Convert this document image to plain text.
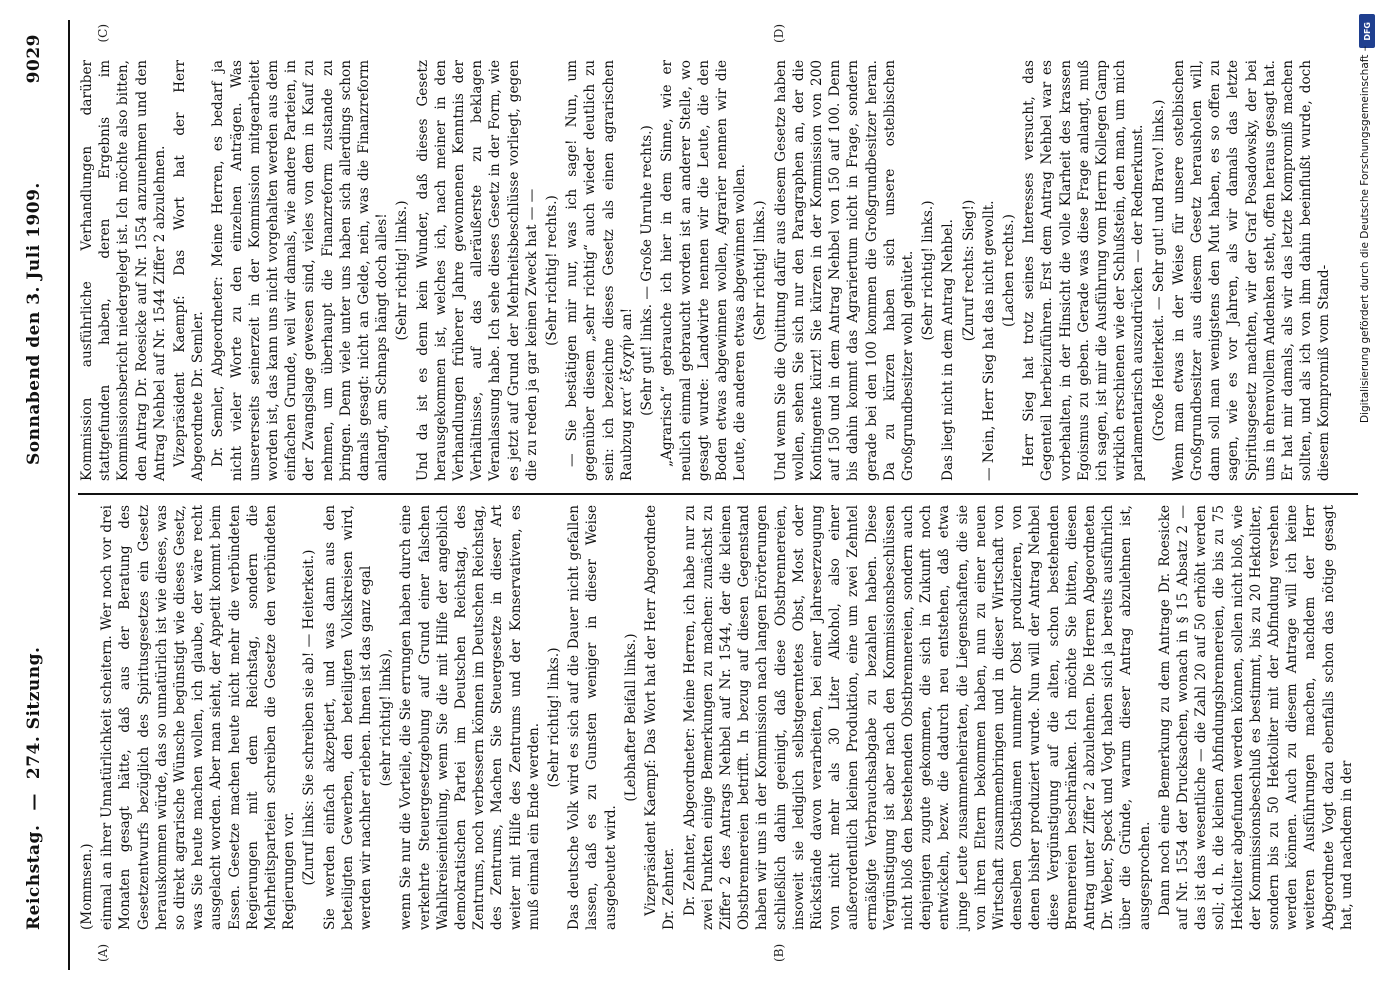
Reichstag.
—
274. Sitzung.
Sonnabend den 3. Juli 1909.
9029
(A)	(B)

(Mommsen.) einmal an ihrer Unnatürlichkeit scheitern. Wer noch vor drei Monaten gesagt hätte, daß aus der Beratung des Gesetzentwurfs bezüglich des Spiritusgesetzes ein Gesetz herauskommen würde, das so unnatürlich ist wie dieses, was so direkt agrarische Wünsche begünstigt wie dieses Gesetz, was Sie heute machen wollen, ich glaube, der wäre recht ausgelacht worden. Aber man sieht, der Appetit kommt beim Essen. Gesetze machen heute nicht mehr die verbündeten Regierungen mit dem Reichstag, sondern die Mehrheitsparteien schreiben die Gesetze den verbündeten Regierungen vor. (Zuruf links: Sie schreiben sie ab! — Heiterkeit.) Sie werden einfach akzeptiert, und was dann aus den beteiligten Gewerben, den beteiligten Volkskreisen wird, werden wir nachher erleben. Ihnen ist das ganz egal (sehr richtig! links), wenn Sie nur die Vorteile, die Sie errungen haben durch eine verkehrte Steuergesetzgebung auf Grund einer falschen Wahlkreiseinteilung, wenn Sie die mit Hilfe der angeblich demokratischen Partei im Deutschen Reichstag, des Zentrums, noch verbessern können im Deutschen Reichstag, des Zentrums, Machen Sie Steuergesetze in dieser Art weiter mit Hilfe des Zentrums und der Konservativen, es muß einmal ein Ende werden.

(Sehr richtig! links.) Das deutsche Volk wird es sich auf die Dauer nicht gefallen lassen, daß es zu Gunsten weniger in dieser Weise ausgebeutet wird.

(Lebhafter Beifall links.) Vizepräsident Kaempf: Das Wort hat der Herr Abgeordnete Dr. Zehnter. Dr. Zehnter, Abgeordneter: Meine Herren, ich habe nur zu zwei Punkten einige Bemerkungen zu machen: zunächst zu Ziffer 2 des Antrags Nehbel auf Nr. 1544, der die kleinen Obstbrennereien betrifft. In bezug auf diesen Gegenstand haben wir uns in der Kommission nach langen Erörterungen schließlich dahin geeinigt, daß diese Obstbrennereien, insoweit sie lediglich selbstgeerntetes Obst, Most oder Rückstände davon verarbeiten, bei einer Jahreserzeugung von nicht mehr als 30 Liter Alkohol, also einer außerordentlich kleinen Produktion, eine um zwei Zehntel ermäßigte Verbrauchsabgabe zu bezahlen haben. Diese Vergünstigung ist aber nach den Kommissionsbeschlüssen nicht bloß den bestehenden Obstbrennereien, sondern auch denjenigen zugute gekommen, die sich in Zukunft noch entwickeln, bezw. die dadurch neu entstehen, daß etwa junge Leute zusammenheiraten, die Liegenschaften, die sie von ihren Eltern bekommen haben, nun zu einer neuen Wirtschaft zusammenbringen und in dieser Wirtschaft von denselben Obstbäumen nunmehr Obst produzieren, von denen bisher produziert wurde. Nun will der Antrag Nehbel diese Vergünstigung auf die alten, schon bestehenden Brennereien beschränken. Ich möchte Sie bitten, diesen Antrag unter Ziffer 2 abzulehnen. Die Herren Abgeordneten Dr. Weber, Speck und Vogt haben sich ja bereits ausführlich über die Gründe, warum dieser Antrag abzulehnen ist, ausgesprochen. Dann noch eine Bemerkung zu dem Antrage Dr. Roesicke auf Nr. 1554 der Drucksachen, wonach in § 15 Absatz 2 — das ist das wesentliche — die Zahl 20 auf 50 erhöht werden soll; d. h. die kleinen Abfindungsbrennereien, die bis zu 75 Hektoliter abgefunden werden können, sollen nicht bloß, wie der Kommissionsbeschluß es bestimmt, bis zu 20 Hektoliter, sondern bis zu 50 Hektoliter mit der Abfindung versehen werden können. Auch zu diesem Antrage will ich keine weiteren Ausführungen machen, nachdem der Herr Abgeordnete Vogt dazu ebenfalls schon das nötige gesagt hat, und nachdem in der

(C)	(D)

Kommission ausführliche Verhandlungen darüber stattgefunden haben, deren Ergebnis im Kommissionsbericht niedergelegt ist. Ich möchte also bitten, den Antrag Dr. Roesicke auf Nr. 1554 anzunehmen und den Antrag Nehbel auf Nr. 1544 Ziffer 2 abzulehnen. Vizepräsident Kaempf: Das Wort hat der Herr Abgeordnete Dr. Semler. Dr. Semler, Abgeordneter: Meine Herren, es bedarf ja nicht vieler Worte zu den einzelnen Anträgen. Was unsererseits seinerzeit in der Kommission mitgearbeitet worden ist, das kann uns nicht vorgehalten werden aus dem einfachen Grunde, weil wir damals, wie andere Parteien, in der Zwangslage gewesen sind, vieles von dem in Kauf zu nehmen, um überhaupt die Finanzreform zustande zu bringen. Denn viele unter uns haben sich allerdings schon damals gesagt: nicht an Gelde, nein, was die Finanzreform anlangt, am Schnaps hängt doch alles! (Sehr richtig! links.) Und da ist es denn kein Wunder, daß dieses Gesetz herausgekommen ist, welches ich, nach meiner in den Verhandlungen früherer Jahre gewonnenen Kenntnis der Verhältnisse, auf das alleräußerste zu beklagen Veranlassung habe. Ich sehe dieses Gesetz in der Form, wie es jetzt auf Grund der Mehrheitsbeschlüsse vorliegt, gegen die zu reden ja gar keinen Zweck hat — — (Sehr richtig! rechts.) — Sie bestätigen mir nur, was ich sage! Nun, um gegenüber diesem „sehr richtig“ auch wieder deutlich zu sein: ich bezeichne dieses Gesetz als einen agrarischen Raubzug κατ’ ἐξοχήν an! (Sehr gut! links. — Große Unruhe rechts.) „Agrarisch“ gebrauche ich hier in dem Sinne, wie er neulich einmal gebraucht worden ist an anderer Stelle, wo gesagt wurde: Landwirte nennen wir die Leute, die den Boden etwas abgewinnen wollen, Agrarier nennen wir die Leute, die anderen etwas abgewinnen wollen. (Sehr richtig! links.) Und wenn Sie die Quittung dafür aus diesem Gesetze haben wollen, sehen Sie sich nur den Paragraphen an, der die Kontingente kürzt! Sie kürzen in der Kommission von 200 auf 150 und in dem Antrag Nehbel von 150 auf 100. Denn bis dahin kommt das Agrariertum nicht in Frage, sondern gerade bei den 100 kommen die Großgrundbesitzer heran. Da zu kürzen haben sich unsere ostelbischen Großgrundbesitzer wohl gehütet. (Sehr richtig! links.) Das liegt nicht in dem Antrag Nehbel. (Zuruf rechts: Sieg!) — Nein, Herr Sieg hat das nicht gewollt. (Lachen rechts.) Herr Sieg hat trotz seines Interesses versucht, das Gegenteil herbeizuführen. Erst dem Antrag Nehbel war es vorbehalten, in der Hinsicht die volle Klarheit des krassen Egoismus zu geben. Gerade was diese Frage anlangt, muß ich sagen, ist mir die Ausführung vom Herrn Kollegen Gamp wirklich erschienen wie der Schlußstein, den man, um mich parlamentarisch auszudrücken — der Rednerkunst. (Große Heiterkeit. — Sehr gut! und Bravo! links.) Wenn man etwas in der Weise für unsere ostelbischen Großgrundbesitzer aus diesem Gesetz herausholen will, dann soll man wenigstens den Mut haben, es so offen zu sagen, wie es vor Jahren, als wir damals das letzte Spiritusgesetz machten, wir der Graf Posadowsky, der bei uns in ehrenvollem Andenken steht, offen heraus gesagt hat. Er hat mir damals, als wir das letzte Kompromiß machen sollten, und als ich von ihm dahin beeinflußt wurde, doch diesem Kompromiß vom Stand-

DFG
Digitalisierung gefördert durch die Deutsche Forschungsgemeinschaft –
